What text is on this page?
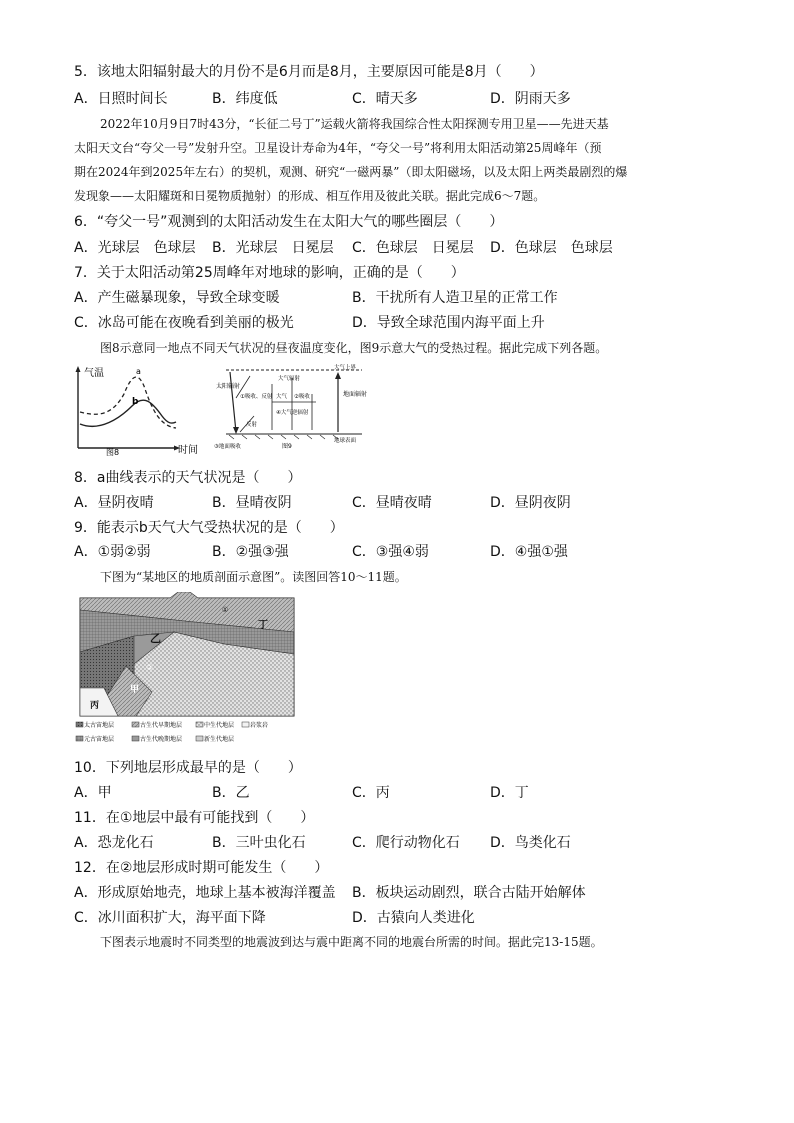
5．该地太阳辐射最大的月份不是6月而是8月，主要原因可能是8月（　　）
A．日照时间长	B．纬度低	C．晴天多	D．阴雨天多
2022年10月9日7时43分，“长征二号丁”运载火箭将我国综合性太阳探测专用卫星——先进天基
太阳天文台“夸父一号”发射升空。卫星设计寿命为4年，“夸父一号”将利用太阳活动第25周峰年（预
期在2024年到2025年左右）的契机，观测、研究“一磁两暴”（即太阳磁场，以及太阳上两类最剧烈的爆
发现象——太阳耀斑和日冕物质抛射）的形成、相互作用及彼此关联。据此完成6～7题。
6．“夸父一号”观测到的太阳活动发生在太阳大气的哪些圈层（　　）
A．光球层　色球层 B．光球层　日冕层 C．色球层　日冕层 D．色球层　色球层
7．关于太阳活动第25周峰年对地球的影响，正确的是（　　）
A．产生磁暴现象，导致全球变暖	B．干扰所有人造卫星的正常工作
C．冰岛可能在夜晚看到美丽的极光	D．导致全球范围内海平面上升
图8示意同一地点不同天气状况的昼夜温度变化，图9示意大气的受热过程。据此完成下列各题。
a
b
气温
时间
图8
太阳辐射
地面辐射
大气上界
地球表面
大气辐射
①吸收、反射 大气 ②吸收
④大气逆辐射
反射
③地面吸收	图9
8．a曲线表示的天气状况是（　　）
A．昼阴夜晴	B．昼晴夜阴	C．昼晴夜晴	D．昼阴夜阴
9．能表示b天气大气受热状况的是（　　）
A．①弱②弱	B．②强③强	C．③强④弱	D．④强①强
下图为“某地区的地质剖面示意图”。读图回答10～11题。
乙
丁
甲
丙
①
②
太古宙地层	古生代早期地层	中生代地层	岩浆岩
元古宙地层	古生代晚期地层	新生代地层
10．下列地层形成最早的是（　　）
A．甲	B．乙	C．丙	D．丁
11．在①地层中最有可能找到（　　）
A．恐龙化石	B．三叶虫化石	C．爬行动物化石 D．鸟类化石
12．在②地层形成时期可能发生（　　）
A．形成原始地壳，地球上基本被海洋覆盖 B．板块运动剧烈，联合古陆开始解体
C．冰川面积扩大，海平面下降	D．古猿向人类进化
下图表示地震时不同类型的地震波到达与震中距离不同的地震台所需的时间。据此完13-15题。
